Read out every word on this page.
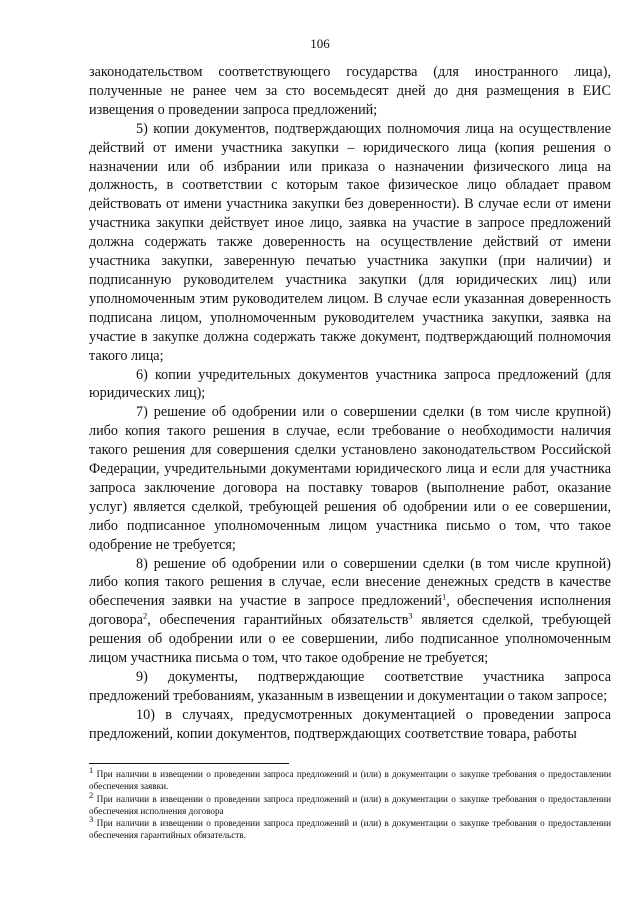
106

законодательством соответствующего государства (для иностранного лица), полученные не ранее чем за сто восемьдесят дней до дня размещения в ЕИС извещения о проведении запроса предложений;

5) копии документов, подтверждающих полномочия лица на осуществление действий от имени участника закупки – юридического лица (копия решения о назначении или об избрании или приказа о назначении физического лица на должность, в соответствии с которым такое физическое лицо обладает правом действовать от имени участника закупки без доверенности). В случае если от имени участника закупки действует иное лицо, заявка на участие в запросе предложений должна содержать также доверенность на осуществление действий от имени участника закупки, заверенную печатью участника закупки (при наличии) и подписанную руководителем участника закупки (для юридических лиц) или уполномоченным этим руководителем лицом. В случае если указанная доверенность подписана лицом, уполномоченным руководителем участника закупки, заявка на участие в закупке должна содержать также документ, подтверждающий полномочия такого лица;

6) копии учредительных документов участника запроса предложений (для юридических лиц);

7) решение об одобрении или о совершении сделки (в том числе крупной) либо копия такого решения в случае, если требование о необходимости наличия такого решения для совершения сделки установлено законодательством Российской Федерации, учредительными документами юридического лица и если для участника запроса заключение договора на поставку товаров (выполнение работ, оказание услуг) является сделкой, требующей решения об одобрении или о ее совершении, либо подписанное уполномоченным лицом участника письмо о том, что такое одобрение не требуется;

8) решение об одобрении или о совершении сделки (в том числе крупной) либо копия такого решения в случае, если внесение денежных средств в качестве обеспечения заявки на участие в запросе предложений$^1$, обеспечения исполнения договора$^2$, обеспечения гарантийных обязательств$^3$ является сделкой, требующей решения об одобрении или о ее совершении, либо подписанное уполномоченным лицом участника письма о том, что такое одобрение не требуется;

9) документы, подтверждающие соответствие участника запроса предложений требованиям, указанным в извещении и документации о таком запросе;

10) в случаях, предусмотренных документацией о проведении запроса предложений, копии документов, подтверждающих соответствие товара, работы

$^1$ При наличии в извещении о проведении запроса предложений и (или) в документации о закупке требования о предоставлении обеспечения заявки.

$^2$ При наличии в извещении о проведении запроса предложений и (или) в документации о закупке требования о предоставлении обеспечения исполнения договора

$^3$ При наличии в извещении о проведении запроса предложений и (или) в документации о закупке требования о предоставлении обеспечения гарантийных обязательств.
